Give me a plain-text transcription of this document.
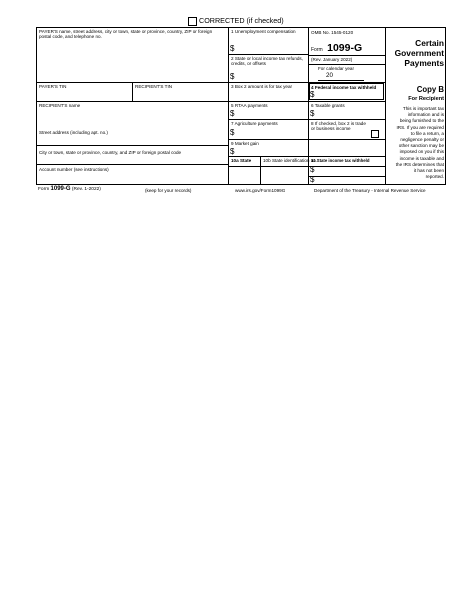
CORRECTED (if checked)
PAYER'S name, street address, city or town, state or province, country, ZIP or foreign postal code, and telephone no.
PAYER'S TIN	RECIPIENT'S TIN
RECIPIENT'S name
Street address (including apt. no.)
City or town, state or province, country, and ZIP or foreign postal code
Account number (see instructions)
1 Unemployment compensation
$
2 State or local income tax refunds, credits, or offsets
$
OMB No. 1545-0120
Form 1099-G
(Rev. January 2022)
For calendar year
20
Certain
Government
Payments
3 Box 2 amount is for tax year	4 Federal income tax withheld
$
Copy B
For Recipient
This is important tax
information and is
being furnished to the
IRS. If you are required
to file a return, a
negligence penalty or
other sanction may be
imposed on you if this
income is taxable and
the IRS determines that
it has not been
reported.
5 RTAA payments
$
6 Taxable grants
$
7 Agriculture payments
$
8 If checked, box 2 is trade or business income
9 Market gain
$
10a State	10b State identification no.
11 State income tax withheld
$
$
Form 1099-G (Rev. 1-2022)	(keep for your records)	www.irs.gov/Form1099G	Department of the Treasury - Internal Revenue Service
